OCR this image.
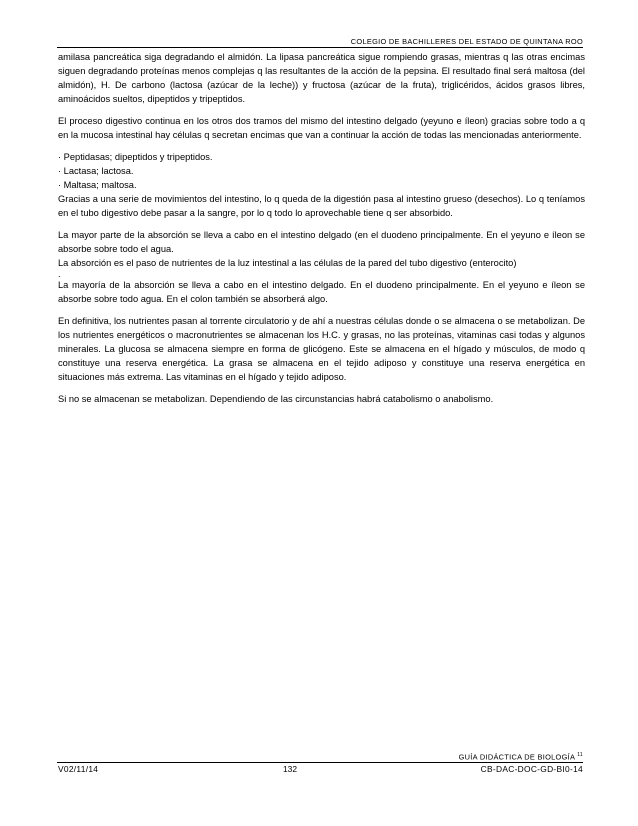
COLEGIO DE BACHILLERES DEL ESTADO DE QUINTANA ROO

amilasa pancreática siga degradando el almidón. La lipasa pancreática sigue rompiendo grasas, mientras q las otras encimas siguen degradando proteínas menos complejas q las resultantes de la acción de la pepsina. El resultado final será maltosa (del almidón), H. De carbono (lactosa (azúcar de la leche)) y fructosa (azúcar de la fruta), triglicéridos, ácidos grasos libres, aminoácidos sueltos, dipeptidos y tripeptidos.

El proceso digestivo continua en los otros dos tramos del mismo del intestino delgado (yeyuno e íleon) gracias sobre todo a q en la mucosa intestinal hay células q secretan encimas que van a continuar la acción de todas las mencionadas anteriormente.

· Peptidasas; dipeptidos y tripeptidos.
· Lactasa; lactosa.
· Maltasa; maltosa.

Gracias a una serie de movimientos del intestino, lo q queda de la digestión pasa al intestino grueso (desechos). Lo q teníamos en el tubo digestivo debe pasar a la sangre, por lo q todo lo aprovechable tiene q ser absorbido.

La mayor parte de la absorción se lleva a cabo en el intestino delgado (en el duodeno principalmente. En el yeyuno e íleon se absorbe sobre todo el agua.

La absorción es el paso de nutrientes de la luz intestinal a las células de la pared del tubo digestivo (enterocito)

.

La mayoría de la absorción se lleva a cabo en el intestino delgado. En el duodeno principalmente. En el yeyuno e íleon se absorbe sobre todo agua. En el colon también se absorberá algo.

En definitiva, los nutrientes pasan al torrente circulatorio y de ahí a nuestras células donde o se almacena o se metabolizan. De los nutrientes energéticos o macronutrientes se almacenan los H.C. y grasas, no las proteínas, vitaminas casi todas y algunos minerales. La glucosa se almacena siempre en forma de glicógeno. Este se almacena en el hígado y músculos, de modo q constituye una reserva energética. La grasa se almacena en el tejido adiposo y constituye una reserva energética en situaciones más extrema. Las vitaminas en el hígado y tejido adiposo.

Si no se almacenan se metabolizan. Dependiendo de las circunstancias habrá catabolismo o anabolismo.

GUÍA DIDÁCTICA DE BIOLOGÍA $^{11}$
V02/11/14	132	CB-DAC-DOC-GD-BI0-14
